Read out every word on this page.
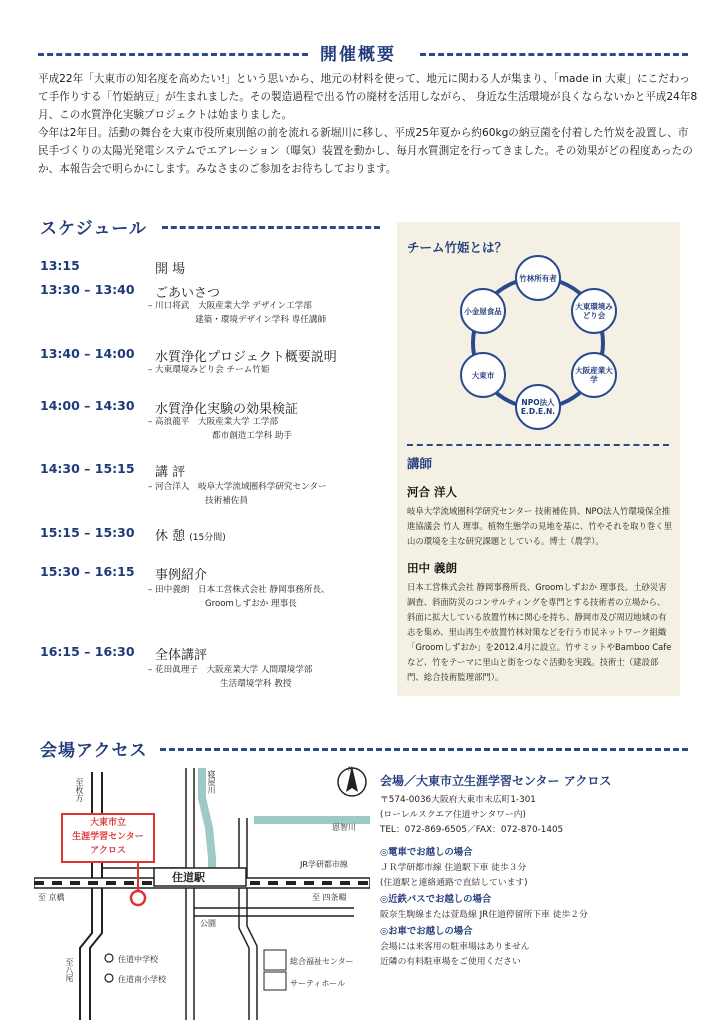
開催概要

平成22年「大東市の知名度を高めたい!」という思いから、地元の材料を使って、地元に関わる人が集まり、「made in 大東」にこだわって手作りする「竹姫納豆」が生まれました。その製造過程で出る竹の廃材を活用しながら、 身近な生活環境が良くならないかと平成24年8月、この水質浄化実験プロジェクトは始まりました。

今年は2年目。活動の舞台を大東市役所東別館の前を流れる新堀川に移し、平成25年夏から約60kgの納豆菌を付着した竹炭を設置し、市民手づくりの太陽光発電システムでエアレーション（曝気）装置を動かし、毎月水質測定を行ってきました。その効果がどの程度あったのか、本報告会で明らかにします。みなさまのご参加をお待ちしております。

スケジュール
13:15	開 場
13:30 – 13:40 ごあいさつ
– 川口将武　大阪産業大学 デザイン工学部
建築・環境デザイン学科 専任講師
13:40 – 14:00 水質浄化プロジェクト概要説明
– 大東環境みどり会 チーム竹姫
14:00 – 14:30 水質浄化実験の効果検証
– 高浪龍平　大阪産業大学 工学部
都市創造工学科 助手
14:30 – 15:15 講 評
– 河合洋人　岐阜大学流域圏科学研究センター
技術補佐員
15:15 – 15:30 休 憩 (15分間)
15:30 – 16:15 事例紹介
– 田中義朗　日本工営株式会社 静岡事務所長、
Groomしずおか 理事長
16:15 – 16:30 全体講評
– 花田眞理子　大阪産業大学 人間環境学部
生活環境学科 教授
チーム竹姫とは？
竹林所有者
大東環境みどり会
大阪産業大学
NPO法人E.D.E.N.
大東市
小金屋食品
講師
河合 洋人
岐阜大学流域圏科学研究センター 技術補佐員、NPO法人竹環境保全推進協議会 竹人 理事。植物生態学の見地を基に、竹やそれを取り巻く里山の環境を主な研究課題としている。博士（農学）。
田中 義朗
日本工営株式会社 静岡事務所長、Groomしずおか 理事長。土砂災害調査、斜面防災のコンサルティングを専門とする技術者の立場から、斜面に拡大している放置竹林に関心を持ち、静岡市及び周辺地域の有志を集め、里山再生や放置竹林対策などを行う市民ネットワーク組織「Groomしずおか」を2012.4月に設立。竹サミットやBamboo Cafeなど、竹をテーマに里山と街をつなぐ活動を実践。技術士（建設部門、総合技術監理部門）。
会場アクセス
N
大東市立
生涯学習センター
アクロス
住道駅
至枚方
至 京橋
至八尾
至 四条畷
JR学研都市線
恩智川
寝屋川
公園
住道中学校
住道南小学校
総合福祉センター
サーティホール
会場／大東市立生涯学習センター アクロス
〒574-0036大阪府大東市末広町1-301
(ローレルスクエア住道サンタワー内)
TEL：072-869-6505／FAX：072-870-1405
◎電車でお越しの場合
ＪＲ学研都市線 住道駅下車 徒歩３分
(住道駅と連絡通路で直結しています)
◎近鉄バスでお越しの場合
阪奈生駒線または萱島線 JR住道停留所下車 徒歩２分
◎お車でお越しの場合
会場には来客用の駐車場はありません
近隣の有料駐車場をご使用ください
